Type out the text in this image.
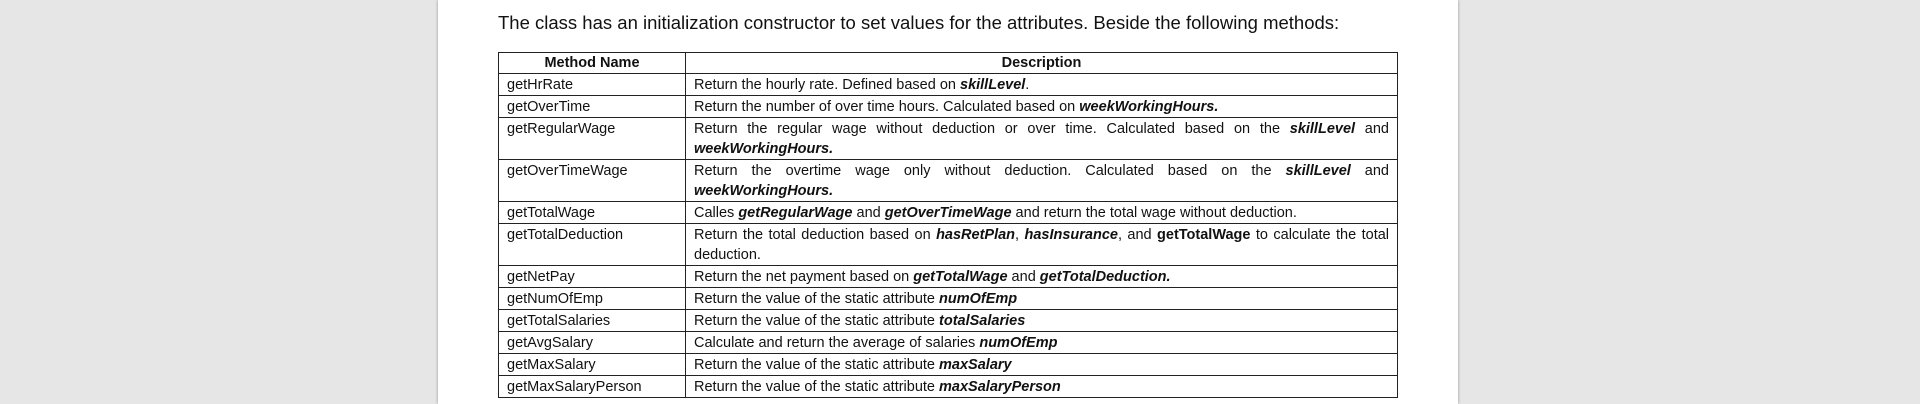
The class has an initialization constructor to set values for the attributes. Beside the following methods:
Method Name	Description
getHrRate	Return the hourly rate. Defined based on skillLevel.
getOverTime	Return the number of over time hours. Calculated based on weekWorkingHours.
getRegularWage	Return the regular wage without deduction or over time. Calculated based on the skillLevel and weekWorkingHours.
getOverTimeWage	Return the overtime wage only without deduction. Calculated based on the skillLevel and weekWorkingHours.
getTotalWage	Calles getRegularWage and getOverTimeWage and return the total wage without deduction.
getTotalDeduction	Return the total deduction based on hasRetPlan, hasInsurance, and getTotalWage to calculate the total deduction.
getNetPay	Return the net payment based on getTotalWage and getTotalDeduction.
getNumOfEmp	Return the value of the static attribute numOfEmp
getTotalSalaries	Return the value of the static attribute totalSalaries
getAvgSalary	Calculate and return the average of salaries numOfEmp
getMaxSalary	Return the value of the static attribute maxSalary
getMaxSalaryPerson	Return the value of the static attribute maxSalaryPerson
